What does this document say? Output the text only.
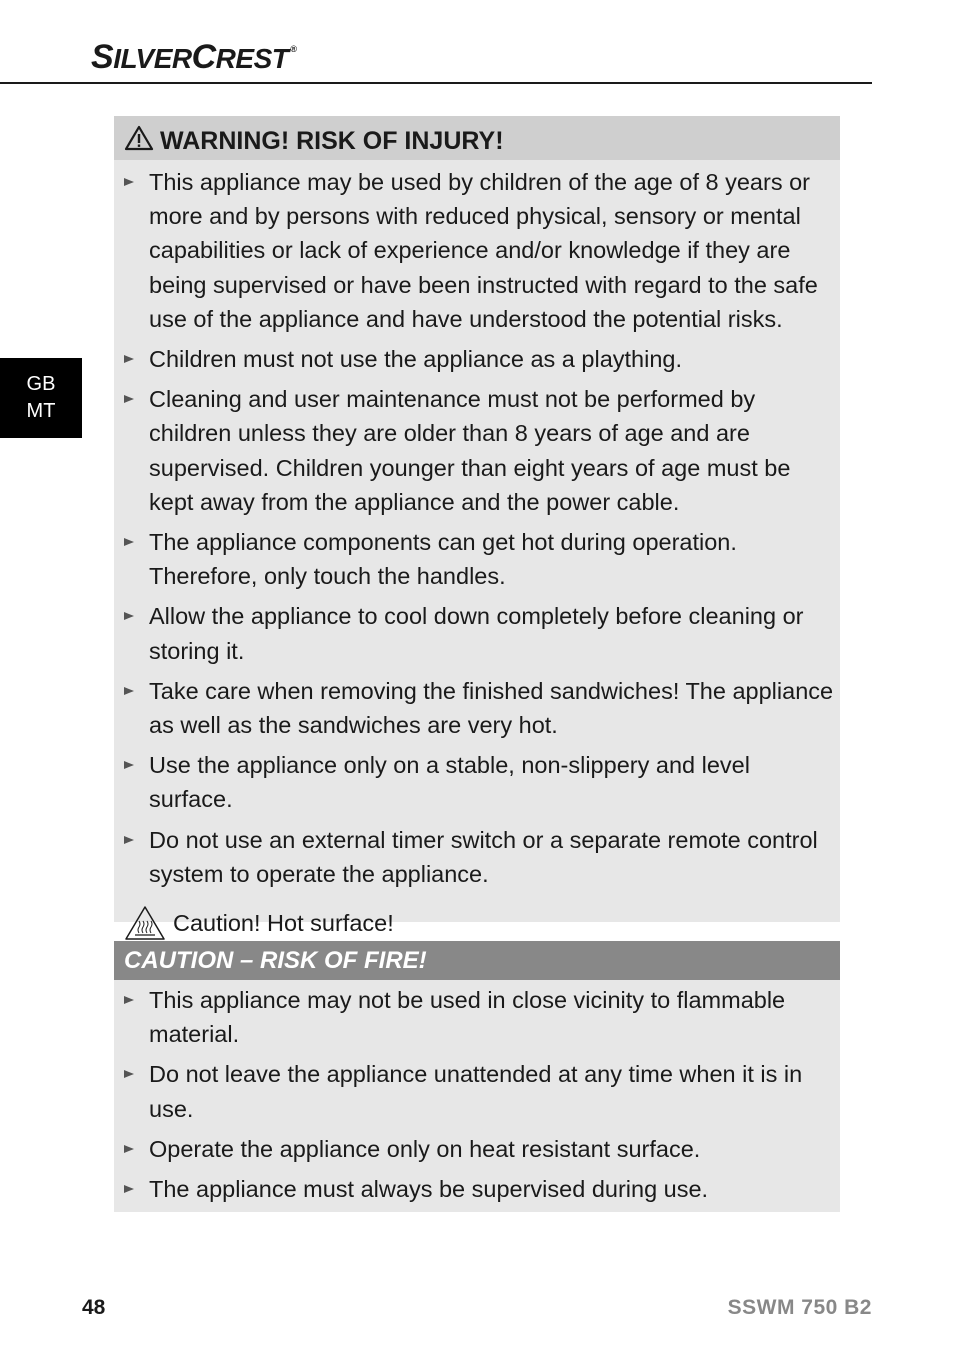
SILVERCREST ®
GB
MT
WARNING! RISK OF INJURY!
This appliance may be used by children of the age of 8 years or more and by persons with reduced physical, sensory or mental capabilities or lack of experience and/or knowledge if they are being supervised or have been instructed with regard to the safe use of the appliance and have understood the potential risks.
Children must not use the appliance as a plaything.
Cleaning and user maintenance must not be performed by children unless they are older than 8 years of age and are supervised. Children younger than eight years of age must be kept away from the appliance and the power cable.
The appliance components can get hot during operation. Therefore, only touch the handles.
Allow the appliance to cool down completely before cleaning or storing it.
Take care when removing the finished sandwiches! The appliance as well as the sandwiches are very hot.
Use the appliance only on a stable, non-slippery and level surface.
Do not use an external timer switch or a separate remote control system to operate the appliance.
Caution! Hot surface!
CAUTION – RISK OF FIRE!
This appliance may not be used in close vicinity to flammable material.
Do not leave the appliance unattended at any time when it is in use.
Operate the appliance only on heat resistant surface.
The appliance must always be supervised during use.
48	SSWM 750 B2
